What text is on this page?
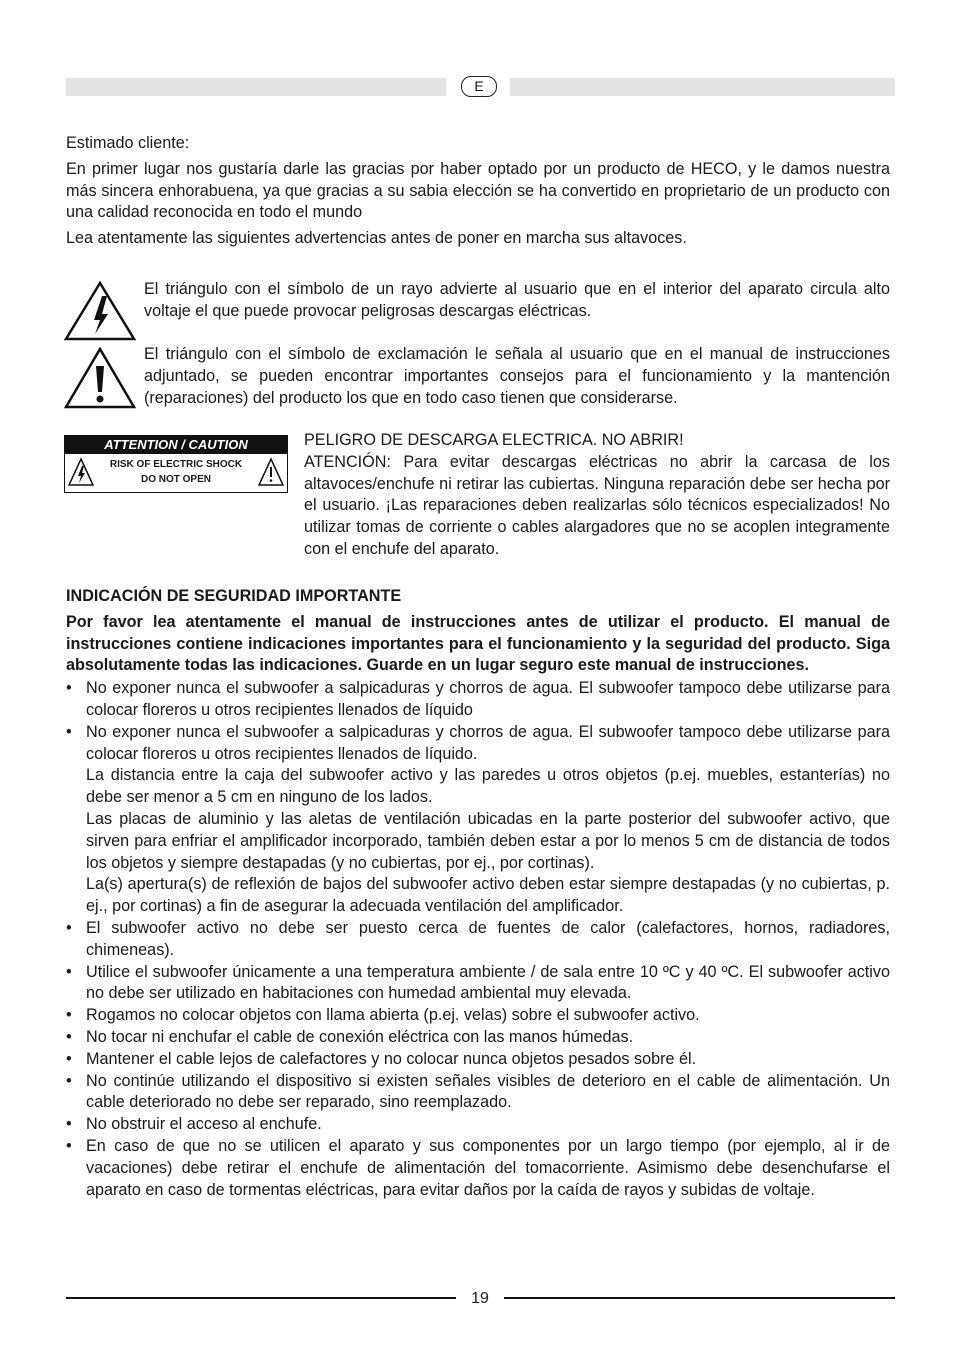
E

Estimado cliente:

En primer lugar nos gustaría darle las gracias por haber optado por un producto de HECO, y le damos nuestra más sincera enhorabuena, ya que gracias a su sabia elección se ha convertido en proprietario de un producto con una calidad reconocida en todo el mundo

Lea atentamente las siguientes advertencias antes de poner en marcha sus altavoces.

El triángulo con el símbolo de un rayo advierte al usuario que en el interior del aparato circula alto voltaje el que puede provocar peligrosas descargas eléctricas.
El triángulo con el símbolo de exclamación le señala al usuario que en el manual de instrucciones adjuntado, se pueden encontrar importantes consejos para el funcionamiento y la mantención (reparaciones) del producto los que en todo caso tienen que considerarse.
ATTENTION / CAUTION
RISK OF ELECTRIC SHOCK
DO NOT OPEN
PELIGRO DE DESCARGA ELECTRICA. NO ABRIR!
ATENCIÓN: Para evitar descargas eléctricas no abrir la carcasa de los altavoces/enchufe ni retirar las cubiertas. Ninguna reparación debe ser hecha por el usuario. ¡Las reparaciones deben realizarlas sólo técnicos especializados! No utilizar tomas de corriente o cables alargadores que no se acoplen integramente con el enchufe del aparato.
INDICACIÓN DE SEGURIDAD IMPORTANTE
Por favor lea atentamente el manual de instrucciones antes de utilizar el producto. El manual de instrucciones contiene indicaciones importantes para el funcionamiento y la seguridad del producto. Siga absolutamente todas las indicaciones. Guarde en un lugar seguro este manual de instrucciones.

• No exponer nunca el subwoofer a salpicaduras y chorros de agua. El subwoofer tampoco debe utilizarse para colocar floreros u otros recipientes llenados de líquido

• No exponer nunca el subwoofer a salpicaduras y chorros de agua. El subwoofer tampoco debe utilizarse para colocar floreros u otros recipientes llenados de líquido.

La distancia entre la caja del subwoofer activo y las paredes u otros objetos (p.ej. muebles, estanterías) no debe ser menor a 5 cm en ninguno de los lados.

Las placas de aluminio y las aletas de ventilación ubicadas en la parte posterior del subwoofer activo, que sirven para enfriar el amplificador incorporado, también deben estar a por lo menos 5 cm de distancia de todos los objetos y siempre destapadas (y no cubiertas, por ej., por cortinas).

La(s) apertura(s) de reflexión de bajos del subwoofer activo deben estar siempre destapadas (y no cubiertas, p. ej., por cortinas) a fin de asegurar la adecuada ventilación del amplificador.

• El subwoofer activo no debe ser puesto cerca de fuentes de calor (calefactores, hornos, radiadores, chimeneas).

• Utilice el subwoofer únicamente a una temperatura ambiente / de sala entre 10 ºC y 40 ºC. El subwoofer activo no debe ser utilizado en habitaciones con humedad ambiental muy elevada.

• Rogamos no colocar objetos con llama abierta (p.ej. velas) sobre el subwoofer activo.

• No tocar ni enchufar el cable de conexión eléctrica con las manos húmedas.

• Mantener el cable lejos de calefactores y no colocar nunca objetos pesados sobre él.

• No continúe utilizando el dispositivo si existen señales visibles de deterioro en el cable de alimentación. Un cable deteriorado no debe ser reparado, sino reemplazado.

• No obstruir el acceso al enchufe.

• En caso de que no se utilicen el aparato y sus componentes por un largo tiempo (por ejemplo, al ir de vacaciones) debe retirar el enchufe de alimentación del tomacorriente. Asimismo debe desenchufarse el aparato en caso de tormentas eléctricas, para evitar daños por la caída de rayos y subidas de voltaje.

19
